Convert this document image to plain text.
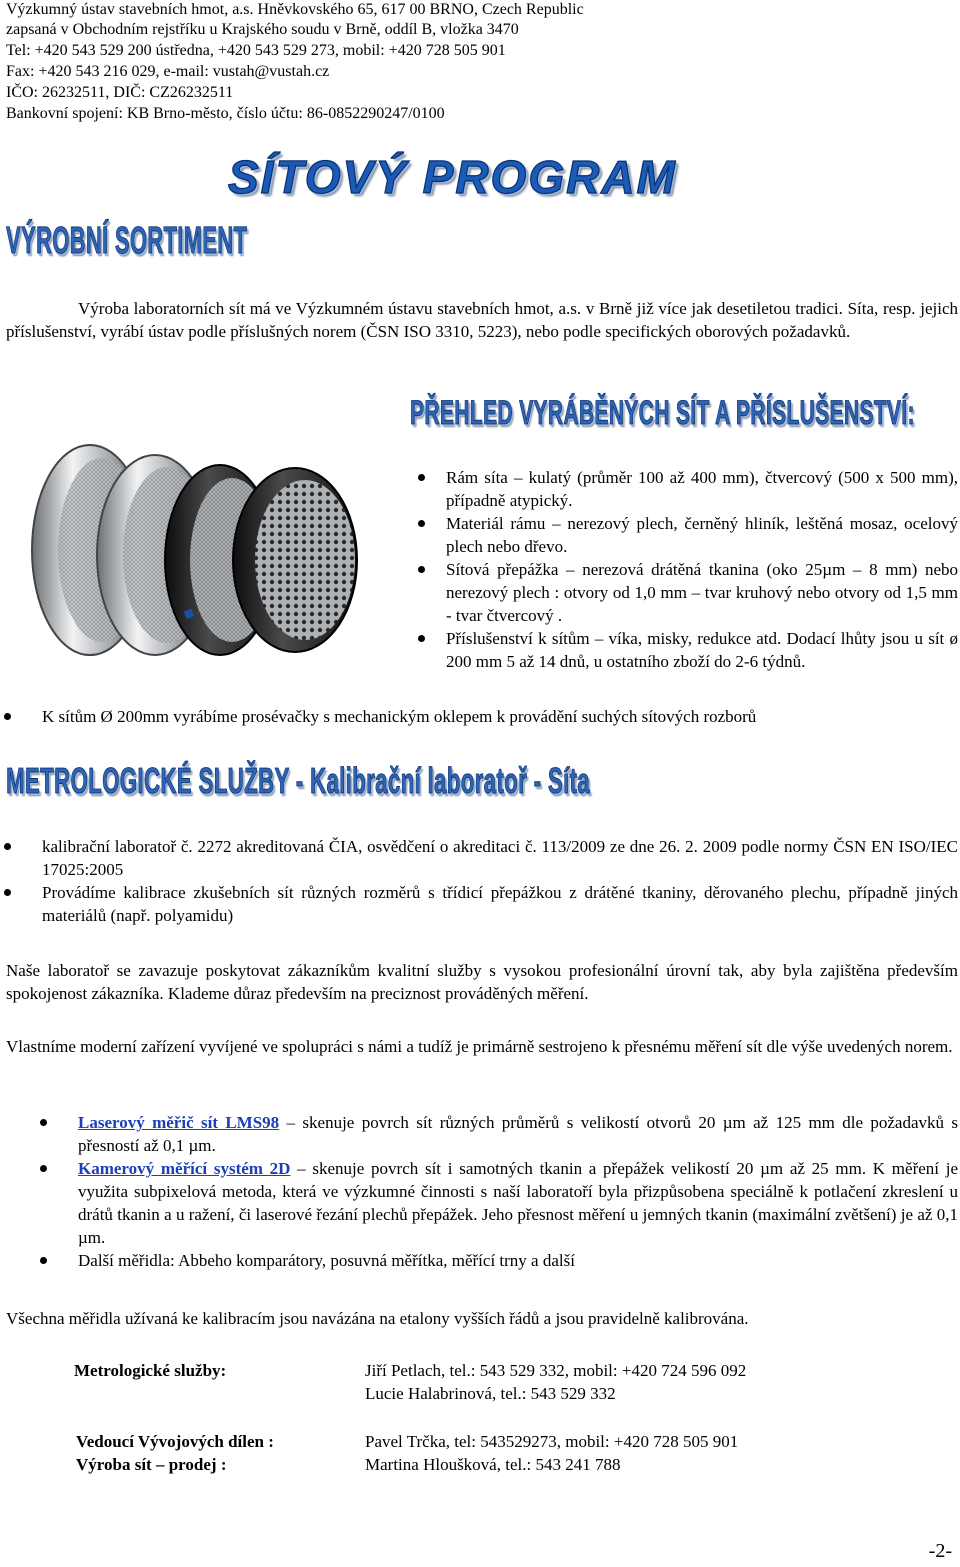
Výzkumný ústav stavebních hmot, a.s. Hněvkovského 65, 617 00 BRNO, Czech Republic
zapsaná v Obchodním rejstříku u Krajského soudu v Brně, oddíl B, vložka 3470
Tel: +420 543 529 200 ústředna, +420 543 529 273, mobil: +420 728 505 901
Fax: +420 543 216 029, e-mail: vustah@vustah.cz
IČO: 26232511, DIČ: CZ26232511
Bankovní spojení: KB Brno-město, číslo účtu: 86-0852290247/0100
SÍTOVÝ PROGRAM
VÝROBNÍ SORTIMENT
Výroba laboratorních sít má ve Výzkumném ústavu stavebních hmot, a.s. v Brně již více jak desetiletou tradici. Síta, resp. jejich příslušenství, vyrábí ústav podle příslušných norem (ČSN ISO 3310, 5223), nebo podle specifických oborových požadavků.
PŘEHLED VYRÁBĚNÝCH SÍT A PŘÍSLUŠENSTVÍ:
Rám síta – kulatý (průměr 100 až 400 mm), čtvercový (500 x 500 mm), případně atypický.
Materiál rámu – nerezový plech, černěný hliník, leštěná mosaz, ocelový plech nebo dřevo.
Sítová přepážka – nerezová drátěná tkanina (oko 25µm – 8 mm) nebo nerezový plech : otvory od 1,0 mm – tvar kruhový nebo otvory od 1,5 mm - tvar čtvercový .
Příslušenství k sítům – víka, misky, redukce atd. Dodací lhůty jsou u sít ø 200 mm 5 až 14 dnů, u ostatního zboží do 2-6 týdnů.
K sítům Ø 200mm vyrábíme prosévačky s mechanickým oklepem k provádění suchých sítových rozborů
METROLOGICKÉ SLUŽBY - Kalibrační laboratoř - Síta
kalibrační laboratoř č. 2272 akreditovaná ČIA, osvědčení o akreditaci č. 113/2009 ze dne 26. 2. 2009 podle normy ČSN EN ISO/IEC 17025:2005
Provádíme kalibrace zkušebních sít různých rozměrů s třídicí přepážkou z drátěné tkaniny, děrovaného plechu, případně jiných materiálů (např. polyamidu)
Naše laboratoř se zavazuje poskytovat zákazníkům kvalitní služby s vysokou profesionální úrovní tak, aby byla zajištěna především spokojenost zákazníka. Klademe důraz především na preciznost prováděných měření.
Vlastníme moderní zařízení vyvíjené ve spolupráci s námi a tudíž je primárně sestrojeno k přesnému měření sít dle výše uvedených norem.
Laserový měřič sít LMS98 – skenuje povrch sít různých průměrů s velikostí otvorů 20 µm až 125 mm dle požadavků s přesností až 0,1 µm.
Kamerový měřící systém 2D – skenuje povrch sít i samotných tkanin a přepážek velikostí 20 µm až 25 mm. K měření je využita subpixelová metoda, která ve výzkumné činnosti s naší laboratoří byla přizpůsobena speciálně k potlačení zkreslení u drátů tkanin a u ražení, či laserové řezání plechů přepážek. Jeho přesnost měření u jemných tkanin (maximální zvětšení) je až 0,1 µm.
Další měřidla: Abbeho komparátory, posuvná měřítka, měřící trny a další
Všechna měřidla užívaná ke kalibracím jsou navázána na etalony vyšších řádů a jsou pravidelně kalibrována.
Metrologické služby:	Jiří Petlach, tel.: 543 529 332, mobil: +420 724 596 092
Lucie Halabrinová, tel.: 543 529 332
Vedoucí Vývojových dílen :	Pavel Trčka, tel: 543529273, mobil: +420 728 505 901
Výroba sít – prodej :	Martina Hloušková, tel.: 543 241 788
-2-
